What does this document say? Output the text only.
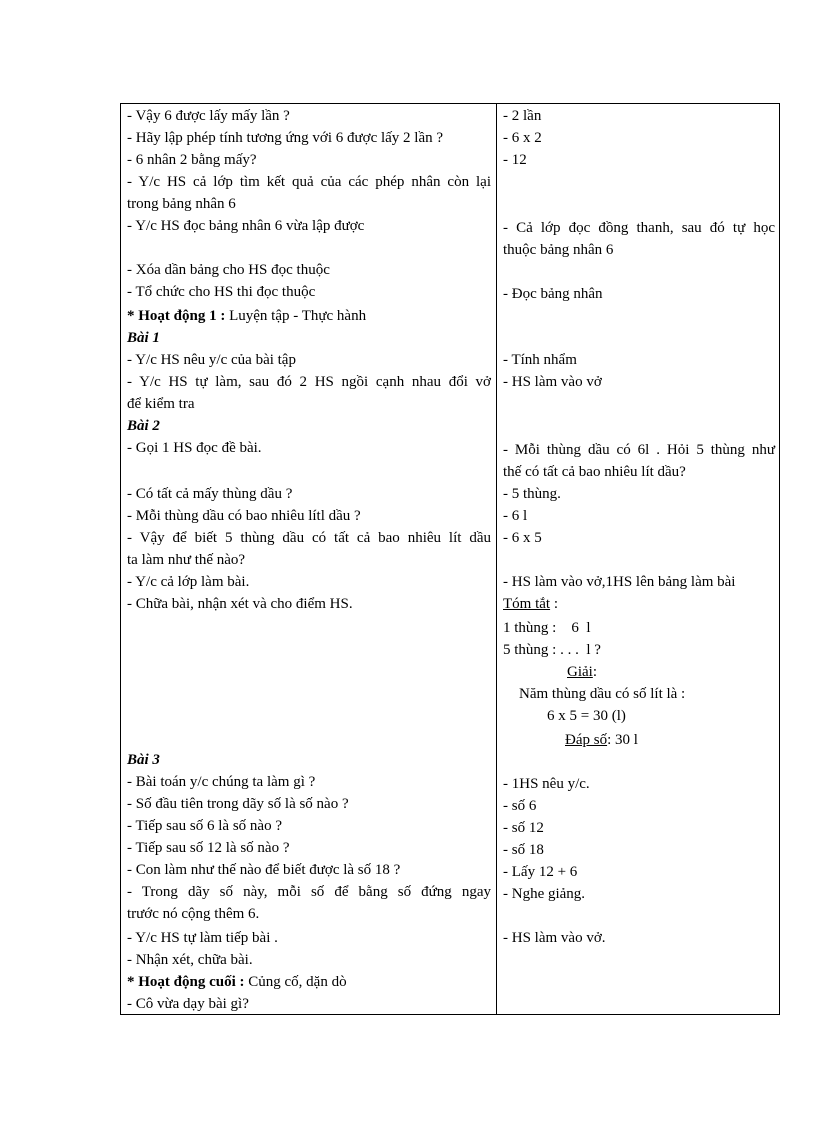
- Vậy 6 được lấy mấy lần ?
- Hãy lập phép tính tương ứng với 6 được lấy 2 lần ?
- 6 nhân 2 bằng mấy?
- Y/c HS cả lớp tìm kết quả của các phép nhân còn lại
trong bảng nhân 6
- Y/c HS đọc bảng nhân 6 vừa lập được
- Xóa dần bảng cho HS đọc thuộc
- Tổ chức cho HS thi đọc thuộc
* Hoạt động 1 : Luyện tập - Thực hành
Bài 1
- Y/c HS nêu y/c của bài tập
- Y/c HS tự làm, sau đó 2 HS ngồi cạnh nhau đổi vở
để kiểm tra
Bài 2
- Gọi 1 HS đọc đề bài.
- Có tất cả mấy thùng dầu ?
- Mỗi thùng dầu có bao nhiêu lítl dầu ?
- Vậy để biết 5 thùng dầu có tất cả bao nhiêu lít dầu
ta làm như thế nào?
- Y/c cả lớp làm bài.
- Chữa bài, nhận xét và cho điểm HS.
Bài 3
- Bài toán y/c chúng ta làm gì ?
- Số đầu tiên trong dãy số là số nào ?
- Tiếp sau số 6 là số nào ?
- Tiếp sau số 12 là số nào ?
- Con làm như thế nào để biết được là số 18 ?
- Trong dãy số này, mỗi số để bằng số đứng ngay
trước nó cộng thêm 6.
- Y/c HS tự làm tiếp bài .
- Nhận xét, chữa bài.
* Hoạt động cuối : Củng cố, dặn dò
- Cô vừa dạy bài gì?
- 2 lần
- 6 x 2
- 12
- Cả lớp đọc đồng thanh, sau đó tự học
thuộc bảng nhân 6
- Đọc bảng nhân
- Tính nhẩm
- HS làm vào vở
- Mỗi thùng dầu có 6l . Hỏi 5 thùng như
thế có tất cả bao nhiêu lít dầu?
- 5 thùng.
- 6 l
- 6 x 5
- HS làm vào vở,1HS lên bảng làm bài
Tóm tắt :
1 thùng :    6  l
5 thùng : . . .  l ?
Giải:
Năm thùng dầu có số lít là :
6 x 5 = 30 (l)
Đáp số: 30 l
- 1HS nêu y/c.
- số 6
- số 12
- số 18
- Lấy 12 + 6
- Nghe giảng.
- HS làm vào vở.
